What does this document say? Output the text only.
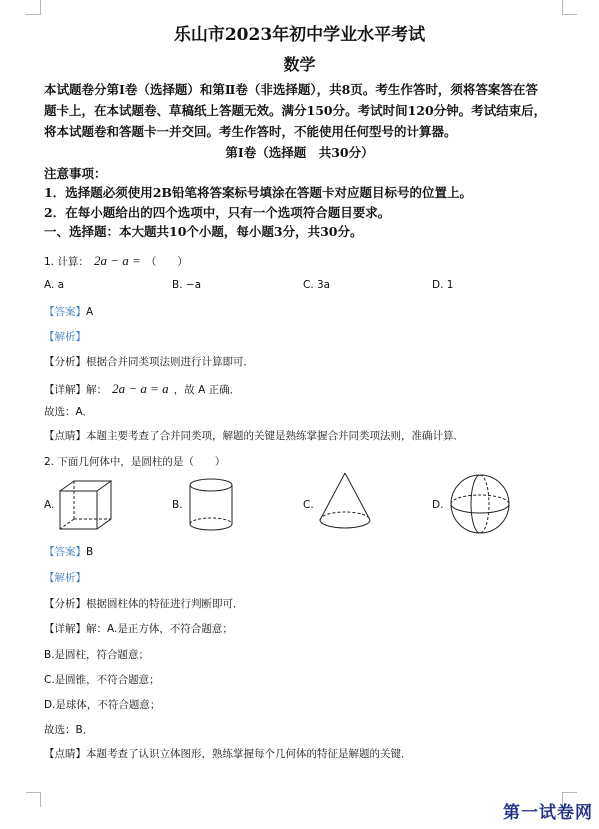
乐山市2023年初中学业水平考试
数学
本试题卷分第Ⅰ卷（选择题）和第Ⅱ卷（非选择题），共8页。考生作答时，须将答案答在答
题卡上，在本试题卷、草稿纸上答题无效。满分150分。考试时间120分钟。考试结束后，
将本试题卷和答题卡一并交回。考生作答时，不能使用任何型号的计算器。
第Ⅰ卷（选择题　共30分）
注意事项：
1．选择题必须使用2B铅笔将答案标号填涂在答题卡对应题目标号的位置上。
2．在每小题给出的四个选项中，只有一个选项符合题目要求。
一、选择题：本大题共10个小题，每小题3分，共30分。
1. 计算： 2a − a = （　　）
A. a	B. −a	C. 3a	D. 1
【答案】A
【解析】
【分析】根据合并同类项法则进行计算即可．
【详解】解： 2a − a = a ，故 A 正确．
故选：A．
【点睛】本题主要考查了合并同类项，解题的关键是熟练掌握合并同类项法则，准确计算．
2. 下面几何体中，是圆柱的是（　　）
A.	B.	C.	D.
【答案】B
【解析】
【分析】根据圆柱体的特征进行判断即可．
【详解】解：A.是正方体，不符合题意；
B.是圆柱，符合题意；
C.是圆锥，不符合题意；
D.是球体，不符合题意；
故选：B．
【点睛】本题考查了认识立体图形，熟练掌握每个几何体的特征是解题的关键．
第一试卷网
